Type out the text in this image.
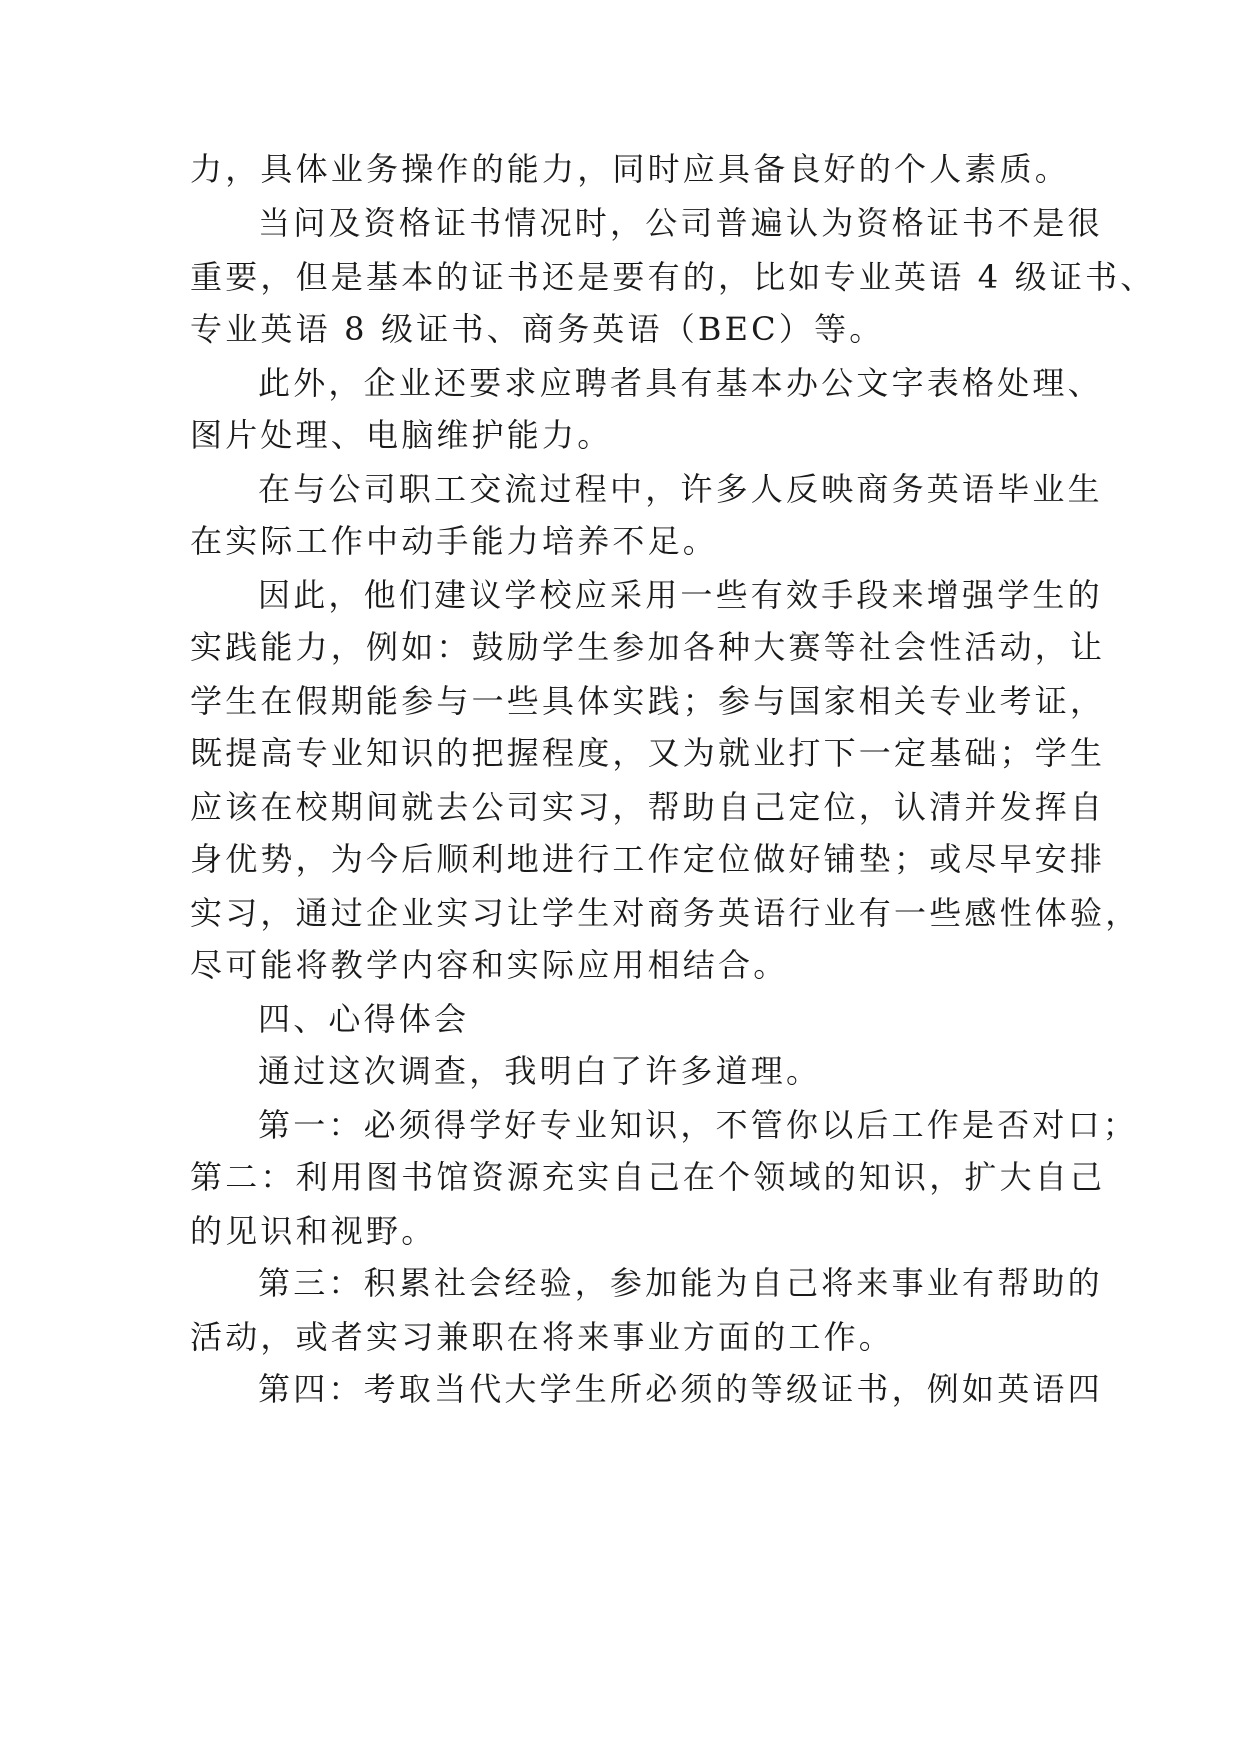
力，具体业务操作的能力，同时应具备良好的个人素质。
当问及资格证书情况时，公司普遍认为资格证书不是很
重要，但是基本的证书还是要有的，比如专业英语 4 级证书、
专业英语 8 级证书、商务英语（BEC）等。
此外，企业还要求应聘者具有基本办公文字表格处理、
图片处理、电脑维护能力。
在与公司职工交流过程中，许多人反映商务英语毕业生
在实际工作中动手能力培养不足。
因此，他们建议学校应采用一些有效手段来增强学生的
实践能力，例如：鼓励学生参加各种大赛等社会性活动，让
学生在假期能参与一些具体实践；参与国家相关专业考证，
既提高专业知识的把握程度，又为就业打下一定基础；学生
应该在校期间就去公司实习，帮助自己定位，认清并发挥自
身优势，为今后顺利地进行工作定位做好铺垫；或尽早安排
实习，通过企业实习让学生对商务英语行业有一些感性体验，
尽可能将教学内容和实际应用相结合。
四、心得体会
通过这次调查，我明白了许多道理。
第一：必须得学好专业知识，不管你以后工作是否对口；
第二：利用图书馆资源充实自己在个领域的知识，扩大自己
的见识和视野。
第三：积累社会经验，参加能为自己将来事业有帮助的
活动，或者实习兼职在将来事业方面的工作。
第四：考取当代大学生所必须的等级证书，例如英语四
